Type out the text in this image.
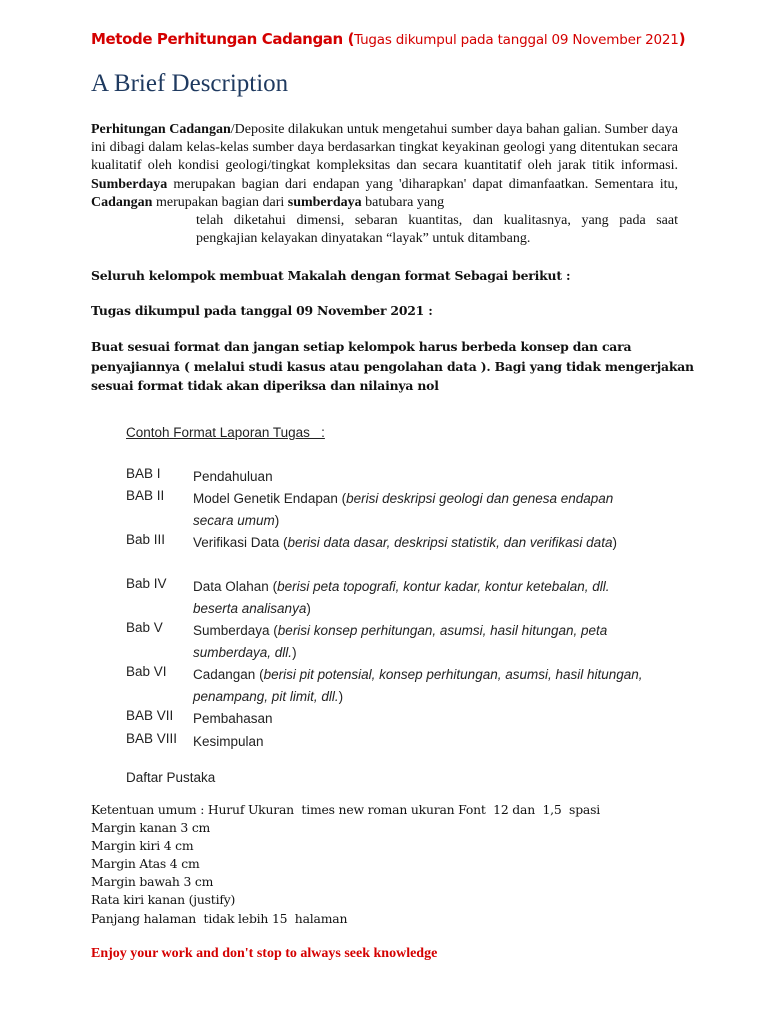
Metode Perhitungan Cadangan (Tugas dikumpul pada tanggal 09 November 2021)
A Brief Description

Perhitungan Cadangan/Deposite dilakukan untuk mengetahui sumber daya bahan galian. Sumber daya ini dibagi dalam kelas-kelas sumber daya berdasarkan tingkat keyakinan geologi yang ditentukan secara kualitatif oleh kondisi geologi/tingkat kompleksitas dan secara kuantitatif oleh jarak titik informasi. Sumberdaya merupakan bagian dari endapan yang 'diharapkan' dapat dimanfaatkan. Sementara itu, Cadangan merupakan bagian dari sumberdaya batubara yang

telah diketahui dimensi, sebaran kuantitas, dan kualitasnya, yang pada saat pengkajian kelayakan dinyatakan “layak” untuk ditambang.

Seluruh kelompok membuat Makalah dengan format Sebagai berikut :
Tugas dikumpul pada tanggal 09 November 2021 :
Buat sesuai format dan jangan setiap kelompok harus berbeda konsep dan cara
penyajiannya ( melalui studi kasus atau pengolahan data ). Bagi yang tidak mengerjakan
sesuai format tidak akan diperiksa dan nilainya nol
Contoh Format Laporan Tugas   :
BAB I Pendahuluan
BAB II Model Genetik Endapan (berisi deskripsi geologi dan genesa endapan secara umum)
Bab III Verifikasi Data (berisi data dasar, deskripsi statistik, dan verifikasi data)
Bab IV Data Olahan (berisi peta topografi, kontur kadar, kontur ketebalan, dll. beserta analisanya)
Bab V Sumberdaya (berisi konsep perhitungan, asumsi, hasil hitungan, peta sumberdaya, dll.)
Bab VI Cadangan (berisi pit potensial, konsep perhitungan, asumsi, hasil hitungan, penampang, pit limit, dll.)
BAB VII Pembahasan
BAB VIII Kesimpulan
Daftar Pustaka
Ketentuan umum : Huruf Ukuran  times new roman ukuran Font  12 dan  1,5  spasi
Margin kanan 3 cm
Margin kiri 4 cm
Margin Atas 4 cm
Margin bawah 3 cm
Rata kiri kanan (justify)
Panjang halaman  tidak lebih 15  halaman
Enjoy your work and don't stop to always seek knowledge
